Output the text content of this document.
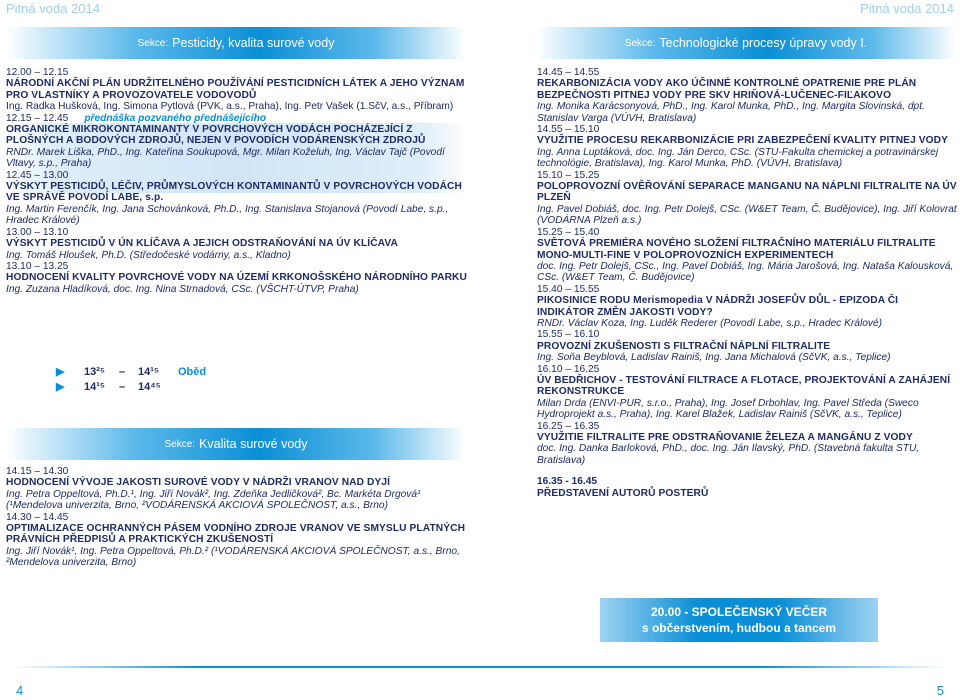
Pitná voda 2014	Pitná voda 2014
Sekce: Pesticidy, kvalita surové vody	Sekce: Technologické procesy úpravy vody I.
12.00 – 12.15
NÁRODNÍ AKČNÍ PLÁN UDRŽITELNÉHO POUŽÍVÁNÍ PESTICIDNÍCH LÁTEK A JEHO VÝZNAM PRO VLASTNÍKY A PROVOZOVATELE VODOVODŮ
Ing. Radka Hušková, Ing. Simona Pytlová (PVK, a.s., Praha), Ing. Petr Vašek (1.SčV, a.s., Příbram)
12.15 – 12.45 přednáška pozvaného přednášejícího
ORGANICKÉ MIKROKONTAMINANTY V POVRCHOVÝCH VODÁCH POCHÁZEJÍCÍ Z PLOŠNÝCH A BODOVÝCH ZDROJŮ, NEJEN V POVODÍCH VODÁRENSKÝCH ZDROJŮ
RNDr. Marek Liška, PhD., Ing. Kateřina Soukupová, Mgr. Milan Koželuh, Ing. Václav Tajč (Povodí Vltavy, s.p., Praha)
12.45 – 13.00
VÝSKYT PESTICIDŮ, LÉČIV, PRŮMYSLOVÝCH KONTAMINANTŮ V POVRCHOVÝCH VODÁCH VE SPRÁVĚ POVODÍ LABE, s.p.
Ing. Martin Ferenčík, Ing. Jana Schovánková, Ph.D., Ing. Stanislava Stojanová (Povodí Labe, s.p., Hradec Králové)
13.00 – 13.10
VÝSKYT PESTICIDŮ V ÚN KLÍČAVA A JEJICH ODSTRAŇOVÁNÍ NA ÚV KLÍČAVA
Ing. Tomáš Hloušek, Ph.D. (Středočeské vodárny, a.s., Kladno)
13.10 – 13.25
HODNOCENÍ KVALITY POVRCHOVÉ VODY NA ÚZEMÍ KRKONOŠSKÉHO NÁRODNÍHO PARKU
Ing. Zuzana Hladíková, doc. Ing. Nina Strnadová, CSc. (VŠCHT-ÚTVP, Praha)
▶	13²⁵	–	14¹⁵ Oběd
▶	14¹⁵	–	14⁴⁵
Sekce: Kvalita surové vody
14.15 – 14.30
HODNOCENÍ VÝVOJE JAKOSTI SUROVÉ VODY V NÁDRŽI VRANOV NAD DYJÍ
Ing. Petra Oppeltová, Ph.D.¹, Ing. Jiří Novák², Ing. Zdeňka Jedličková², Bc. Markéta Drgová¹ (¹Mendelova univerzita, Brno, ²VODÁRENSKÁ AKCIOVÁ SPOLEČNOST, a.s., Brno)
14.30 – 14.45
OPTIMALIZACE OCHRANNÝCH PÁSEM VODNÍHO ZDROJE VRANOV VE SMYSLU PLATNÝCH PRÁVNÍCH PŘEDPISŮ A PRAKTICKÝCH ZKUŠENOSTÍ
Ing. Jiří Novák¹, Ing. Petra Oppeltová, Ph.D.² (¹VODÁRENSKÁ AKCIOVÁ SPOLEČNOST, a.s., Brno, ²Mendelova univerzita, Brno)
14.45 – 14.55
REKARBONIZÁCIA VODY AKO ÚČINNÉ KONTROLNÉ OPATRENIE PRE PLÁN BEZPEČNOSTI PITNEJ VODY PRE SKV HRIŇOVÁ-LUČENEC-FIĽAKOVO
Ing. Monika Karácsonyová, PhD., Ing. Karol Munka, PhD., Ing. Margita Slovinská, dpt. Stanislav Varga (VÚVH, Bratislava)
14.55 – 15.10
VYUŽITIE PROCESU REKARBONIZÁCIE PRI ZABEZPEČENÍ KVALITY PITNEJ VODY
Ing. Anna Luptáková, doc. Ing. Ján Derco, CSc. (STU-Fakulta chemickej a potravinárskej technológie, Bratislava), Ing. Karol Munka, PhD. (VÚVH, Bratislava)
15.10 – 15.25
POLOPROVOZNÍ OVĚŘOVÁNÍ SEPARACE MANGANU NA NÁPLNI FILTRALITE NA ÚV PLZEŇ
Ing. Pavel Dobiáš, doc. Ing. Petr Dolejš, CSc. (W&ET Team, Č. Budějovice), Ing. Jiří Kolovrat (VODÁRNA Plzeň a.s.)
15.25 – 15.40
SVĚTOVÁ PREMIÉRA NOVÉHO SLOŽENÍ FILTRAČNÍHO MATERIÁLU FILTRALITE MONO-MULTI-FINE V POLOPROVOZNÍCH EXPERIMENTECH
doc. Ing. Petr Dolejš, CSc., Ing. Pavel Dobiáš, Ing. Mária Jarošová, Ing. Nataša Kalousková, CSc. (W&ET Team, Č. Budějovice)
15.40 – 15.55
PIKOSINICE RODU Merismopedia V NÁDRŽI JOSEFŮV DŮL - EPIZODA ČI INDIKÁTOR ZMĚN JAKOSTI VODY?
RNDr. Václav Koza, Ing. Luděk Rederer (Povodí Labe, s.p., Hradec Králové)
15.55 – 16.10
PROVOZNÍ ZKUŠENOSTI S FILTRAČNÍ NÁPLNÍ FILTRALITE
Ing. Soňa Beyblová, Ladislav Rainiš, Ing. Jana Michalová (SčVK, a.s., Teplice)
16.10 – 16.25
ÚV BEDŘICHOV - TESTOVÁNÍ FILTRACE A FLOTACE, PROJEKTOVÁNÍ A ZAHÁJENÍ REKONSTRUKCE
Milan Drda (ENVI-PUR, s.r.o., Praha), Ing. Josef Drbohlav, Ing. Pavel Středa (Sweco Hydroprojekt a.s., Praha), Ing. Karel Blažek, Ladislav Rainiš (SčVK, a.s., Teplice)
16.25 – 16.35
VYUŽITIE FILTRALITE PRE ODSTRAŇOVANIE ŽELEZA A MANGÁNU Z VODY
doc. Ing. Danka Barloková, PhD., doc. Ing. Ján Ilavský, PhD. (Stavebná fakulta STU, Bratislava)
16.35 - 16.45
PŘEDSTAVENÍ AUTORŮ POSTERŮ
20.00 - SPOLEČENSKÝ VEČER
s občerstvením, hudbou a tancem
4	5
